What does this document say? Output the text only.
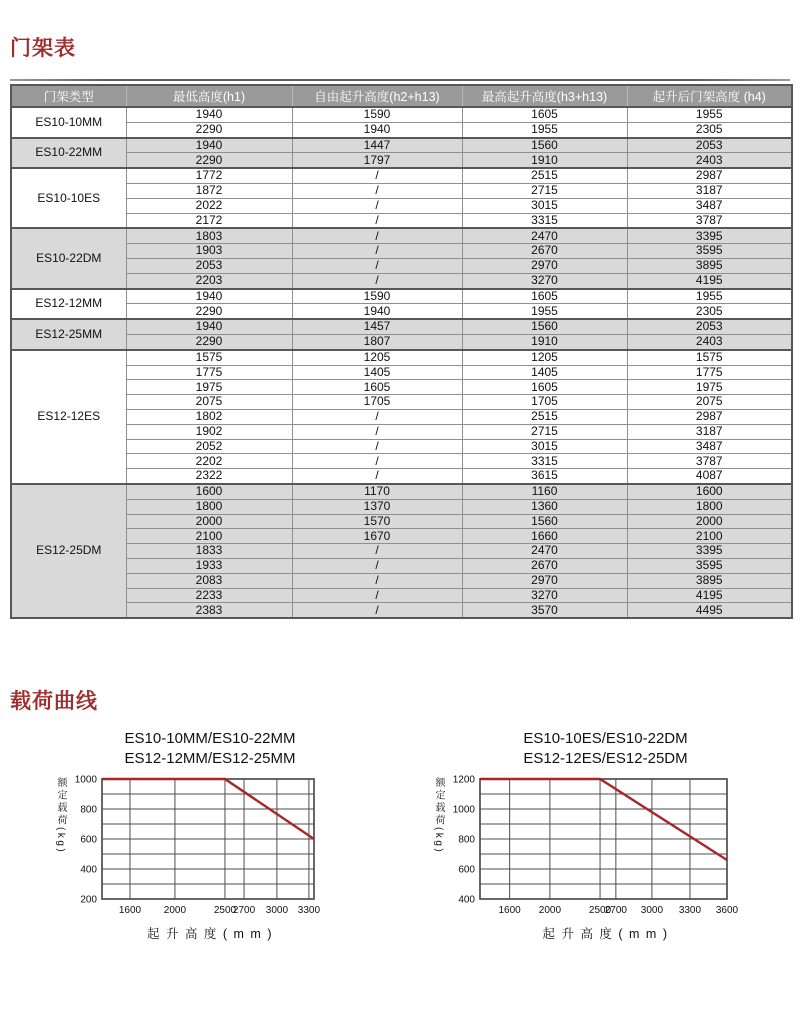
门架表
门架类型	最低高度(h1)	自由起升高度(h2+h13)	最高起升高度(h3+h13)	起升后门架高度 (h4)
ES10-10MM	1940	1590	1605	1955
	2290	1940	1955	2305
ES10-22MM	1940	1447	1560	2053
	2290	1797	1910	2403
ES10-10ES	1772	/	2515	2987
	1872	/	2715	3187
	2022	/	3015	3487
	2172	/	3315	3787
ES10-22DM	1803	/	2470	3395
	1903	/	2670	3595
	2053	/	2970	3895
	2203	/	3270	4195
ES12-12MM	1940	1590	1605	1955
	2290	1940	1955	2305
ES12-25MM	1940	1457	1560	2053
	2290	1807	1910	2403
ES12-12ES	1575	1205	1205	1575
	1775	1405	1405	1775
	1975	1605	1605	1975
	2075	1705	1705	2075
	1802	/	2515	2987
	1902	/	2715	3187
	2052	/	3015	3487
	2202	/	3315	3787
	2322	/	3615	4087
ES12-25DM	1600	1170	1160	1600
	1800	1370	1360	1800
	2000	1570	1560	2000
	2100	1670	1660	2100
	1833	/	2470	3395
	1933	/	2670	3595
	2083	/	2970	3895
	2233	/	3270	4195
	2383	/	3570	4495
载荷曲线
ES10-10MM/ES10-22MM
ES12-12MM/ES12-25MM
额定载荷(kg) 1000
800
600
400
200
1600 2000	2500
2700 3000 3300
起 升 高 度 ( m m )
ES10-10ES/ES10-22DM
ES12-12ES/ES12-25DM
额定载荷(kg) 1200
1000
800
600
400
1600 2000	2500
2700 3000 3300 3600
起 升 高 度 ( m m )
